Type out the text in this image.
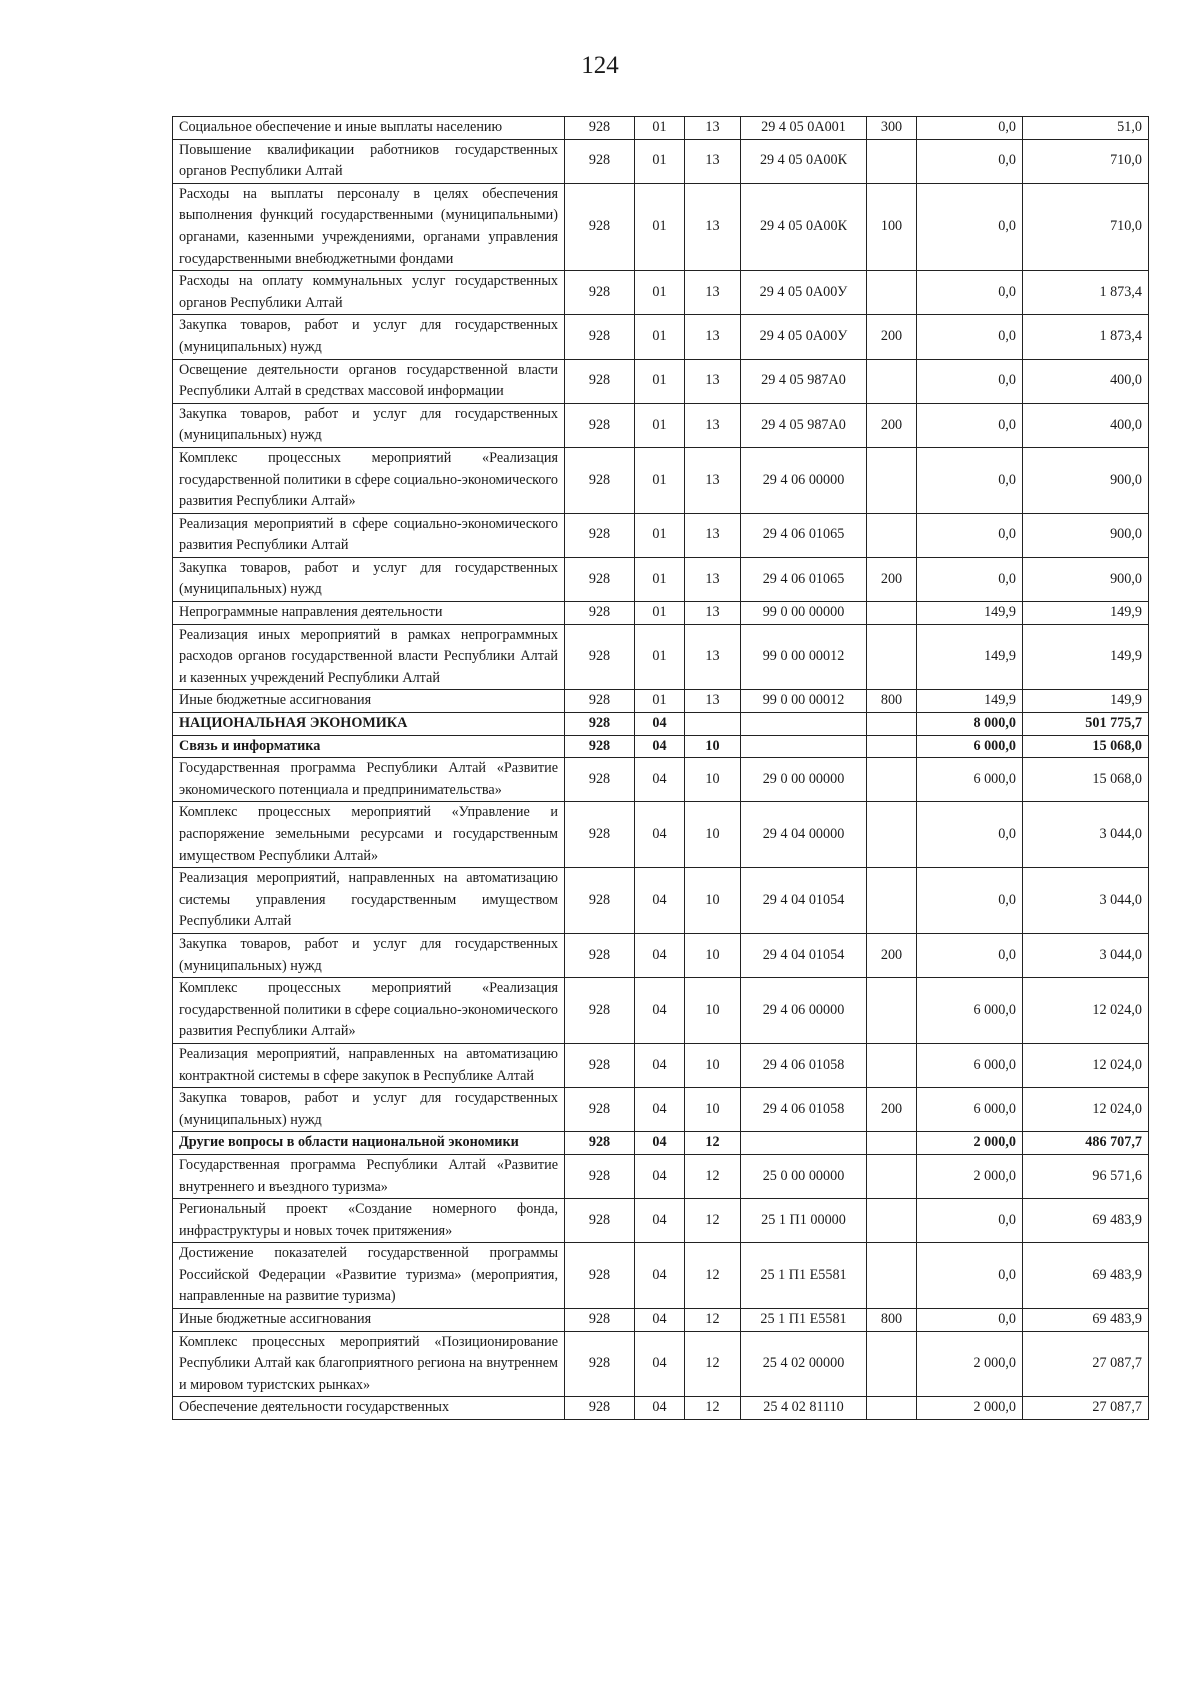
124
Социальное обеспечение и иные выплаты населению	928	01	13	29 4 05 0А001	300	0,0	51,0
Повышение квалификации работников государственных органов Республики Алтай	928	01	13	29 4 05 0А00К		0,0	710,0
Расходы на выплаты персоналу в целях обеспечения выполнения функций государственными (муниципальными) органами, казенными учреждениями, органами управления государственными внебюджетными фондами	928	01	13	29 4 05 0А00К	100	0,0	710,0
Расходы на оплату коммунальных услуг государственных органов Республики Алтай	928	01	13	29 4 05 0А00У		0,0	1 873,4
Закупка товаров, работ и услуг для государственных (муниципальных) нужд	928	01	13	29 4 05 0А00У	200	0,0	1 873,4
Освещение деятельности органов государственной власти Республики Алтай в средствах массовой информации	928	01	13	29 4 05 987А0		0,0	400,0
Закупка товаров, работ и услуг для государственных (муниципальных) нужд	928	01	13	29 4 05 987А0	200	0,0	400,0
Комплекс процессных мероприятий «Реализация государственной политики в сфере социально-экономического развития Республики Алтай»	928	01	13	29 4 06 00000		0,0	900,0
Реализация мероприятий в сфере социально-экономического развития Республики Алтай	928	01	13	29 4 06 01065		0,0	900,0
Закупка товаров, работ и услуг для государственных (муниципальных) нужд	928	01	13	29 4 06 01065	200	0,0	900,0
Непрограммные направления деятельности	928	01	13	99 0 00 00000		149,9	149,9
Реализация иных мероприятий в рамках непрограммных расходов органов государственной власти Республики Алтай и казенных учреждений Республики Алтай	928	01	13	99 0 00 00012		149,9	149,9
Иные бюджетные ассигнования	928	01	13	99 0 00 00012	800	149,9	149,9
НАЦИОНАЛЬНАЯ ЭКОНОМИКА	928	04				8 000,0	501 775,7
Связь и информатика	928	04	10			6 000,0	15 068,0
Государственная программа Республики Алтай «Развитие экономического потенциала и предпринимательства»	928	04	10	29 0 00 00000		6 000,0	15 068,0
Комплекс процессных мероприятий «Управление и распоряжение земельными ресурсами и государственным имуществом Республики Алтай»	928	04	10	29 4 04 00000		0,0	3 044,0
Реализация мероприятий, направленных на автоматизацию системы управления государственным имуществом Республики Алтай	928	04	10	29 4 04 01054		0,0	3 044,0
Закупка товаров, работ и услуг для государственных (муниципальных) нужд	928	04	10	29 4 04 01054	200	0,0	3 044,0
Комплекс процессных мероприятий «Реализация государственной политики в сфере социально-экономического развития Республики Алтай»	928	04	10	29 4 06 00000		6 000,0	12 024,0
Реализация мероприятий, направленных на автоматизацию контрактной системы в сфере закупок в Республике Алтай	928	04	10	29 4 06 01058		6 000,0	12 024,0
Закупка товаров, работ и услуг для государственных (муниципальных) нужд	928	04	10	29 4 06 01058	200	6 000,0	12 024,0
Другие вопросы в области национальной экономики	928	04	12			2 000,0	486 707,7
Государственная программа Республики Алтай «Развитие внутреннего и въездного туризма»	928	04	12	25 0 00 00000		2 000,0	96 571,6
Региональный проект «Создание номерного фонда, инфраструктуры и новых точек притяжения»	928	04	12	25 1 П1 00000		0,0	69 483,9
Достижение показателей государственной программы Российской Федерации «Развитие туризма» (мероприятия, направленные на развитие туризма)	928	04	12	25 1 П1 Е5581		0,0	69 483,9
Иные бюджетные ассигнования	928	04	12	25 1 П1 Е5581	800	0,0	69 483,9
Комплекс процессных мероприятий «Позиционирование Республики Алтай как благоприятного региона на внутреннем и мировом туристских рынках»	928	04	12	25 4 02 00000		2 000,0	27 087,7
Обеспечение деятельности государственных	928	04	12	25 4 02 81110		2 000,0	27 087,7
